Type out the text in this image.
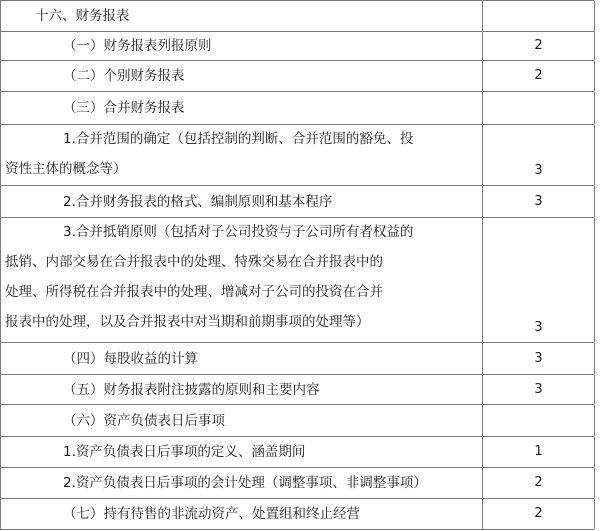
十六、财务报表
（一）财务报表列报原则	2
（二）个别财务报表	2
（三）合并财务报表
1.合并范围的确定（包括控制的判断、合并范围的豁免、投
资性主体的概念等）	3
2.合并财务报表的格式、编制原则和基本程序	3
3.合并抵销原则（包括对子公司投资与子公司所有者权益的
抵销、内部交易在合并报表中的处理、特殊交易在合并报表中的
处理、所得税在合并报表中的处理、增减对子公司的投资在合并
报表中的处理，以及合并报表中对当期和前期事项的处理等）	3
（四）每股收益的计算	3
（五）财务报表附注披露的原则和主要内容	3
（六）资产负债表日后事项
1.资产负债表日后事项的定义、涵盖期间	1
2.资产负债表日后事项的会计处理（调整事项、非调整事项）	2
（七）持有待售的非流动资产、处置组和终止经营	2
